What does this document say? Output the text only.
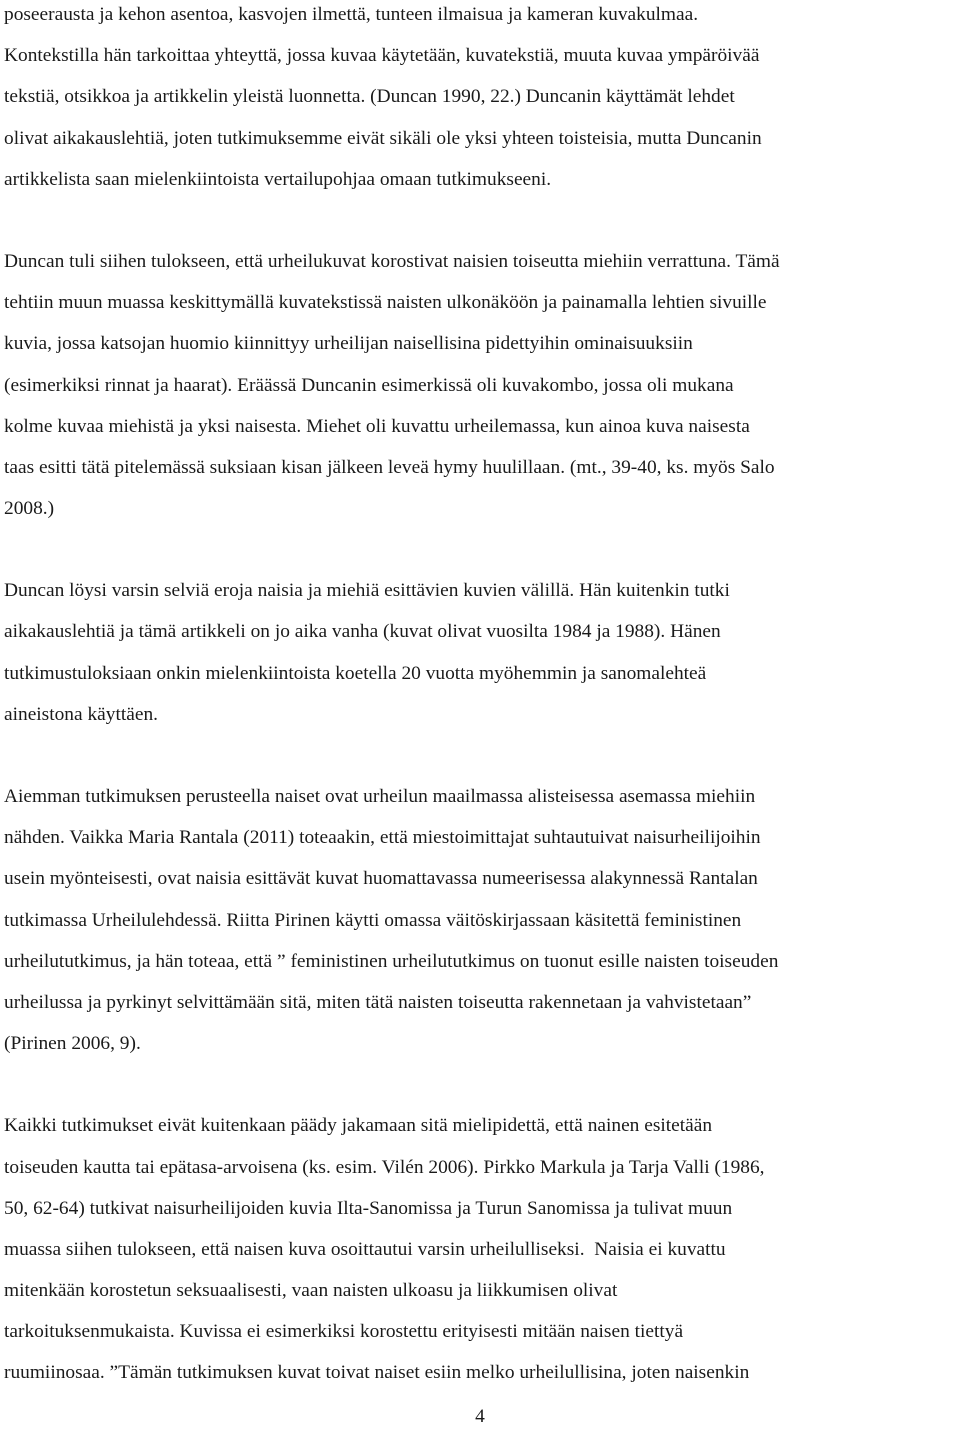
poseerausta ja kehon asentoa, kasvojen ilmettä, tunteen ilmaisua ja kameran kuvakulmaa.
Kontekstilla hän tarkoittaa yhteyttä, jossa kuvaa käytetään, kuvatekstiä, muuta kuvaa ympäröivää
tekstiä, otsikkoa ja artikkelin yleistä luonnetta. (Duncan 1990, 22.) Duncanin käyttämät lehdet
olivat aikakauslehtiä, joten tutkimuksemme eivät sikäli ole yksi yhteen toisteisia, mutta Duncanin
artikkelista saan mielenkiintoista vertailupohjaa omaan tutkimukseeni.
Duncan tuli siihen tulokseen, että urheilukuvat korostivat naisien toiseutta miehiin verrattuna. Tämä
tehtiin muun muassa keskittymällä kuvatekstissä naisten ulkonäköön ja painamalla lehtien sivuille
kuvia, jossa katsojan huomio kiinnittyy urheilijan naisellisina pidettyihin ominaisuuksiin
(esimerkiksi rinnat ja haarat). Eräässä Duncanin esimerkissä oli kuvakombo, jossa oli mukana
kolme kuvaa miehistä ja yksi naisesta. Miehet oli kuvattu urheilemassa, kun ainoa kuva naisesta
taas esitti tätä pitelemässä suksiaan kisan jälkeen leveä hymy huulillaan. (mt., 39-40, ks. myös Salo
2008.)
Duncan löysi varsin selviä eroja naisia ja miehiä esittävien kuvien välillä. Hän kuitenkin tutki
aikakauslehtiä ja tämä artikkeli on jo aika vanha (kuvat olivat vuosilta 1984 ja 1988). Hänen
tutkimustuloksiaan onkin mielenkiintoista koetella 20 vuotta myöhemmin ja sanomalehteä
aineistona käyttäen.
Aiemman tutkimuksen perusteella naiset ovat urheilun maailmassa alisteisessa asemassa miehiin
nähden. Vaikka Maria Rantala (2011) toteaakin, että miestoimittajat suhtautuivat naisurheilijoihin
usein myönteisesti, ovat naisia esittävät kuvat huomattavassa numeerisessa alakynnessä Rantalan
tutkimassa Urheilulehdessä. Riitta Pirinen käytti omassa väitöskirjassaan käsitettä feministinen
urheilututkimus, ja hän toteaa, että ” feministinen urheilututkimus on tuonut esille naisten toiseuden
urheilussa ja pyrkinyt selvittämään sitä, miten tätä naisten toiseutta rakennetaan ja vahvistetaan”
(Pirinen 2006, 9).
Kaikki tutkimukset eivät kuitenkaan päädy jakamaan sitä mielipidettä, että nainen esitetään
toiseuden kautta tai epätasa-arvoisena (ks. esim. Vilén 2006). Pirkko Markula ja Tarja Valli (1986,
50, 62-64) tutkivat naisurheilijoiden kuvia Ilta-Sanomissa ja Turun Sanomissa ja tulivat muun
muassa siihen tulokseen, että naisen kuva osoittautui varsin urheilulliseksi.  Naisia ei kuvattu
mitenkään korostetun seksuaalisesti, vaan naisten ulkoasu ja liikkumisen olivat
tarkoituksenmukaista. Kuvissa ei esimerkiksi korostettu erityisesti mitään naisen tiettyä
ruumiinosaa. ”Tämän tutkimuksen kuvat toivat naiset esiin melko urheilullisina, joten naisenkin
4
